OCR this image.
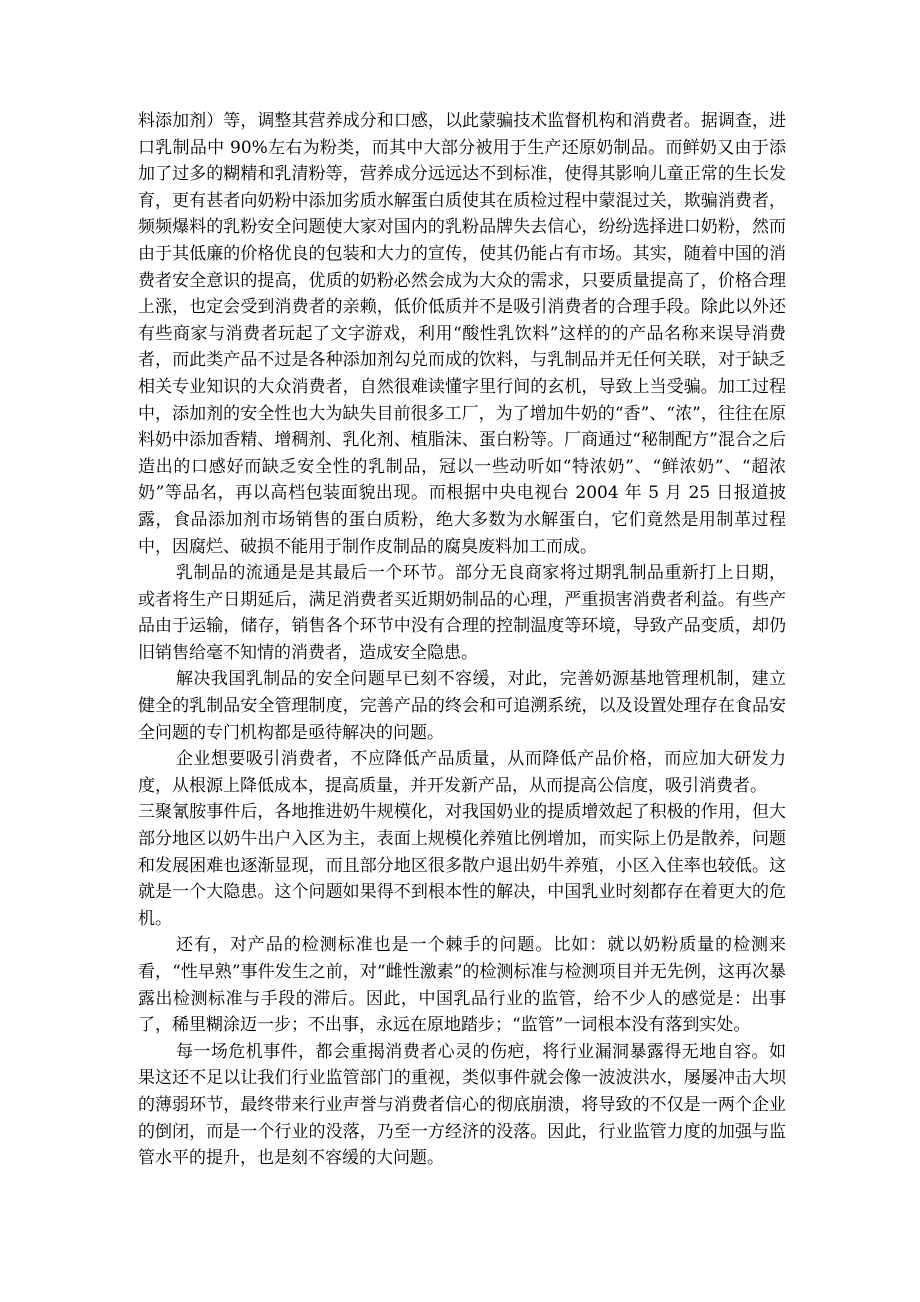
料添加剂）等，调整其营养成分和口感，以此蒙骗技术监督机构和消费者。据调查，进口乳制品中 90%左右为粉类，而其中大部分被用于生产还原奶制品。而鲜奶又由于添加了过多的糊精和乳清粉等，营养成分远远达不到标准，使得其影响儿童正常的生长发育，更有甚者向奶粉中添加劣质水解蛋白质使其在质检过程中蒙混过关，欺骗消费者，频频爆料的乳粉安全问题使大家对国内的乳粉品牌失去信心，纷纷选择进口奶粉，然而由于其低廉的价格优良的包装和大力的宣传，使其仍能占有市场。其实，随着中国的消费者安全意识的提高，优质的奶粉必然会成为大众的需求，只要质量提高了，价格合理上涨，也定会受到消费者的亲赖，低价低质并不是吸引消费者的合理手段。除此以外还有些商家与消费者玩起了文字游戏，利用“酸性乳饮料”这样的的产品名称来误导消费者，而此类产品不过是各种添加剂勾兑而成的饮料，与乳制品并无任何关联，对于缺乏相关专业知识的大众消费者，自然很难读懂字里行间的玄机，导致上当受骗。加工过程中，添加剂的安全性也大为缺失目前很多工厂，为了增加牛奶的“香”、“浓”，往往在原料奶中添加香精、增稠剂、乳化剂、植脂沫、蛋白粉等。厂商通过“秘制配方”混合之后造出的口感好而缺乏安全性的乳制品，冠以一些动听如“特浓奶”、“鲜浓奶”、“超浓奶”等品名，再以高档包装面貌出现。而根据中央电视台 2004 年 5 月 25 日报道披露，食品添加剂市场销售的蛋白质粉，绝大多数为水解蛋白，它们竟然是用制革过程中，因腐烂、破损不能用于制作皮制品的腐臭废料加工而成。

乳制品的流通是是其最后一个环节。部分无良商家将过期乳制品重新打上日期，或者将生产日期延后，满足消费者买近期奶制品的心理，严重损害消费者利益。有些产品由于运输，储存，销售各个环节中没有合理的控制温度等环境，导致产品变质，却仍旧销售给毫不知情的消费者，造成安全隐患。

解决我国乳制品的安全问题早已刻不容缓，对此，完善奶源基地管理机制，建立健全的乳制品安全管理制度，完善产品的终会和可追溯系统，以及设置处理存在食品安全问题的专门机构都是亟待解决的问题。

企业想要吸引消费者，不应降低产品质量，从而降低产品价格，而应加大研发力度，从根源上降低成本，提高质量，并开发新产品，从而提高公信度，吸引消费者。

三聚氰胺事件后，各地推进奶牛规模化，对我国奶业的提质增效起了积极的作用，但大部分地区以奶牛出户入区为主，表面上规模化养殖比例增加，而实际上仍是散养，问题和发展困难也逐渐显现，而且部分地区很多散户退出奶牛养殖，小区入住率也较低。这就是一个大隐患。这个问题如果得不到根本性的解决，中国乳业时刻都存在着更大的危机。

还有，对产品的检测标准也是一个棘手的问题。比如：就以奶粉质量的检测来看，“性早熟”事件发生之前，对“雌性激素”的检测标准与检测项目并无先例，这再次暴露出检测标准与手段的滞后。因此，中国乳品行业的监管，给不少人的感觉是：出事了，稀里糊涂迈一步；不出事，永远在原地踏步；“监管”一词根本没有落到实处。

每一场危机事件，都会重揭消费者心灵的伤疤，将行业漏洞暴露得无地自容。如果这还不足以让我们行业监管部门的重视，类似事件就会像一波波洪水，屡屡冲击大坝的薄弱环节，最终带来行业声誉与消费者信心的彻底崩溃，将导致的不仅是一两个企业的倒闭，而是一个行业的没落，乃至一方经济的没落。因此，行业监管力度的加强与监管水平的提升，也是刻不容缓的大问题。
